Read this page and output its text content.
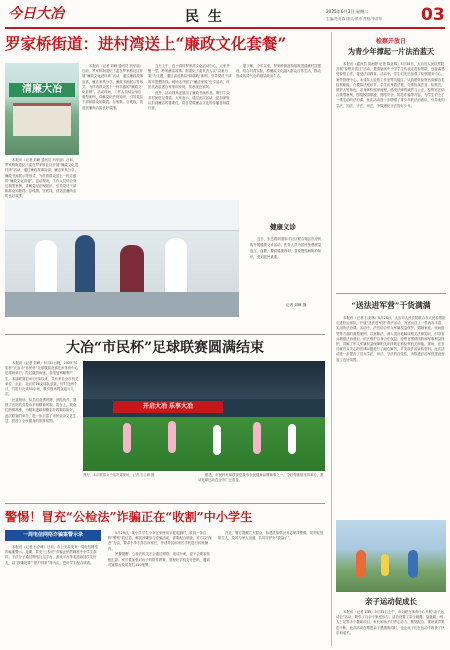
今日大冶	民 生	2025年6月3日 星期二
主编/范亮春 版式/蔡彦 责校/李苗华 03
罗家桥街道：进村湾送上“廉政文化套餐”
清廉大冶

本报讯（记者 刘峰 通讯员 冯华丽）日前，罗家桥街道纪工委在罗家桥社区开展“廉政文化进村湾”活动，通过廉政故事宣讲、廉洁家风分享、廉政书画展示等形式，为村湾群众送上一份丰盛的“廉政文化套餐”。活动现场，工作人员结合身边典型案例，讲解党纪法规知识，引导党员干部和群众知敬畏、存戒惧、守底线，营造崇廉尚洁的良好氛围。

当日上午，在小湾村罗家湾文化活动中心，大家齐聚一堂，聆听廉洁故事。街道纪工委负责人以“以案为鉴”为主题，通过讲述基层“微腐败”案例，引导党员干部筑牢思想防线。现场还开展了“廉洁家风”分享活动，村民代表讲述自家家训家规，传承优良家风。

此外，活动现场还展出了廉政书画作品，吸引了众多村民驻足观看。大家表示，通过此次活动，更加深刻认识到廉洁的重要性，将自觉做廉洁文化的传播者和践行者。

据了解，今年以来，罗家桥街道持续推进清廉村居建设，结合村湾实际，将廉政文化融入群众日常生活，推动形成风清气正的基层政治生态。

本报讯（记者 刘峰 通讯员 冯华丽）日前，罗家桥街道纪工委在罗家桥社区开展“廉政文化进村湾”活动，通过廉政故事宣讲、廉洁家风分享、廉政书画展示等形式，为村湾群众送上一份丰盛的“廉政文化套餐”。活动现场，工作人员结合身边典型案例，讲解党纪法规知识，引导党员干部和群众知敬畏、存戒惧、守底线，营造崇廉尚洁的良好氛围。

健康义诊
近日，东岳路街道和平社区联合辖区医疗机构开展健康义诊活动，医务人员为居民免费测量血压、血糖，提供健康咨询，普及慢性病防治知识，受到居民欢迎。
记者 刘峰 摄
大冶“市民杯”足球联赛圆满结束

本报讯（记者 刘峰）5月31日晚，2025“体彩杯”大冶市“市民杯”足球联赛决赛在市体育中心足球场举行。经过激烈角逐，各组冠军顺利产生。本届联赛自4月开赛以来，共有来自全市机关单位、企业、社区的16支球队参赛，历时近两个月，共进行比赛50余场，吸引现场观众逾万人次。

比赛现场，队员们奋勇拼搏、团结协作，展现了良好的竞技水平和精神风貌。看台上，观众们热情高涨，为精彩进球和精彩扑救喝彩叫好。此次联赛的举办，进一步丰富了市民业余文化生活，营造了全民健身的浓厚氛围。

开启大冶 乐享大冶
图为，本次联赛女子组决赛现场。记者 石立峰 摄	据悉，市民杯足球联赛是我市全民健身品牌赛事之一，今后将继续坚持举办，推动足球运动在全市广泛普及。

警惕！冒充“公检法”诈骗正在“收割”中小学生
一周电信网络诈骗案警示录

本报讯（记者 石立峰）日前，市公安局发布一周电信网络诈骗案警示。近期，冒充“公检法”诈骗正悄然瞄准中小学生群体。不法分子通过网络社交平台、游戏平台等渠道添加学生好友，以“涉嫌犯罪”“账户异常”等为由，恐吓学生配合调查。

5月29日，某小学学生小李在家使用平板电脑时，收到一条自称“警察”的信息，称其涉嫌参与诈骗活动，需要配合调查。对方以“保密”为由，要求小李不得告诉家长，并诱导其用家长手机进行转账操作。

民警提醒：公检法机关不会通过网络、电话办案，更不会要求转账汇款。家长要加强对孩子的防诈教育，管理好手机支付密码，遇到可疑情况及时拨打110报警。

在此，警方提醒广大群众，如遇类似情况务必保持警惕，切勿轻信陌生人，及时与家人沟通，共同守护好“钱袋子”。

检察开放日
为青少年撑起一片法治蓝天
本报讯（通讯员 周雨婷 记者 陈亚林）5月30日，大冶市人民检察院开展“检察开放日”活动，邀请辖区中小学学生代表走进检察院，近距离感受检察工作，接受法治教育。活动中，学生们先后参观了检察服务中心、案件管理中心、未成年人检察工作室等功能区，认真聆听检察官讲解各类检察职能。在模拟法庭环节，学生们身着法袍，分别扮演法官、检察官、辩护人等角色，亲身体验庭审流程，感受法律的威严与公正。检察官还结合典型案例，围绕校园欺凌、网络安全、防范诈骗等内容，为学生们上了一堂生动的法治课。此次活动进一步增强了青少年的法治意识，引导他们学法、知法、守法、用法，争做遵纪守法的好少年。
“送法进军营”干货满满
本报讯（记者 石亚林）5月28日，大冶市人民法院联合市人民检察院走进驻冶部队，开展“送法进军营”普法活动，为官兵送上一堂内容丰富、实用的法治课。活动中，法官结合军人军属权益保护、婚姻家庭、民间借贷等方面的典型案例，以案释法，深入浅出地解读相关法律知识，引导官兵增强法治意识，依法维护自身合法权益。检察官围绕国防和军事利益保护，讲解了军人军属权益保障相关法律规定和检察机关职能。现场，法官还就官兵关心的法律问题进行了耐心解答，并发放法治宣传资料。此次活动进一步提升了官兵学法、用法、守法的自觉性，为推进法治军营建设营造了良好氛围。
亲子运动促成长
本报讯（记者 刘峰）5月31日上午，市妇联在体育中心开展“亲子运动会”活动，吸引了百余个家庭参与。活动设置了亲子跳绳、袋鼠跳、两人三足等多个趣味项目，家长和孩子们齐心协力、默契配合，现场欢声笑语不断。此次活动在增进亲子感情的同时，也让孩子们在运动中收获了快乐和成长。
